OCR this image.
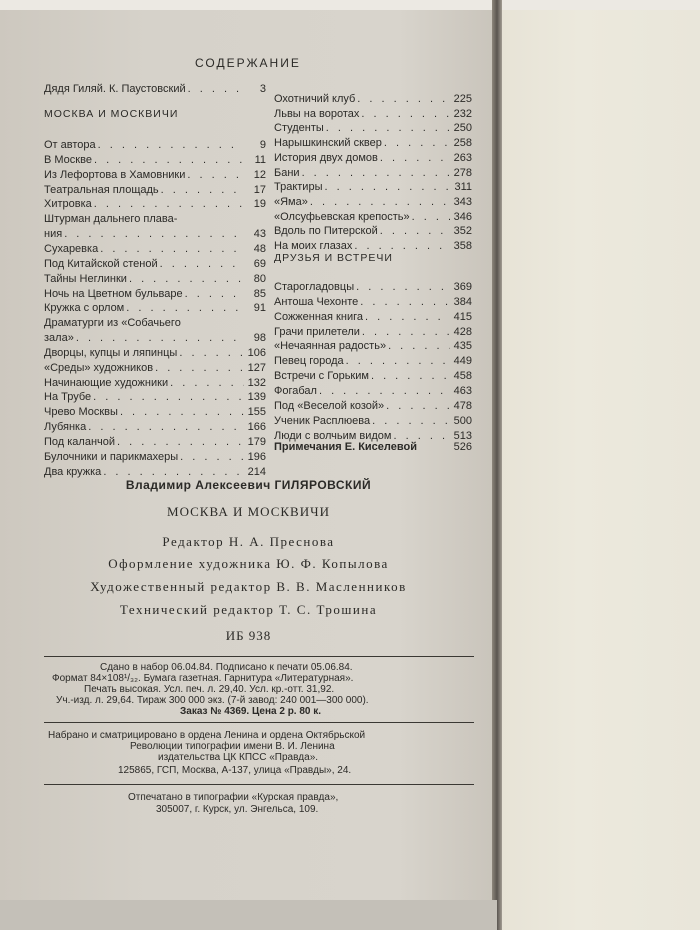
СОДЕРЖАНИЕ
Дядя Гиляй. К. Паустовский . . .	3
МОСКВА И МОСКВИЧИ
От автора . . .	9
В Москве . . .	11
Из Лефортова в Хамовники . . .	12
Театральная площадь . . .	17
Хитровка . . .	19
Штурман дальнего плава-
ния . . .	43
Сухаревка . . .	48
Под Китайской стеной . . .	69
Тайны Неглинки . . .	80
Ночь на Цветном бульваре . . .	85
Кружка с орлом . . .	91
Драматурги из «Собачьего
зала» . . .	98
Дворцы, купцы и ляпинцы . . .	106
«Среды» художников . . .	127
Начинающие художники . . .	132
На Трубе . . .	139
Чрево Москвы . . .	155
Лубянка . . .	166
Под каланчой . . .	179
Булочники и парикмахеры . . .	196
Два кружка . . .	214
Охотничий клуб . . .	225
Львы на воротах . . .	232
Студенты . . .	250
Нарышкинский сквер . . .	258
История двух домов . . .	263
Бани . . .	278
Трактиры . . .	311
«Яма» . . .	343
«Олсуфьевская крепость» . . .	346
Вдоль по Питерской . . .	352
На моих глазах . . .	358
ДРУЗЬЯ И ВСТРЕЧИ
Старогладовцы . . .	369
Антоша Чехонте . . .	384
Сожженная книга . . .	415
Грачи прилетели . . .	428
«Нечаянная радость» . . .	435
Певец города . . .	449
Встречи с Горьким . . .	458
Фогабал . . .	463
Под «Веселой козой» . . .	478
Ученик Расплюева . . .	500
Люди с волчьим видом . . .	513
Примечания Е. Киселевой	526
Владимир Алексеевич ГИЛЯРОВСКИЙ
МОСКВА И МОСКВИЧИ
Редактор Н. А. Преснова
Оформление художника Ю. Ф. Копылова
Художественный редактор В. В. Масленников
Технический редактор Т. С. Трошина
ИБ 938
Сдано в набор 06.04.84. Подписано к печати 05.06.84.
Формат 84×108¹/₃₂. Бумага газетная. Гарнитура «Литературная».
Печать высокая. Усл. печ. л. 29,40. Усл. кр.-отт. 31,92.
Уч.-изд. л. 29,64. Тираж 300 000 экз. (7-й завод: 240 001—300 000).
Заказ № 4369. Цена 2 р. 80 к.
Набрано и сматрицировано в ордена Ленина и ордена Октябрьской
Революции типографии имени В. И. Ленина
издательства ЦК КПСС «Правда».
125865, ГСП, Москва, А-137, улица «Правды», 24.
Отпечатано в типографии «Курская правда»,
305007, г. Курск, ул. Энгельса, 109.
